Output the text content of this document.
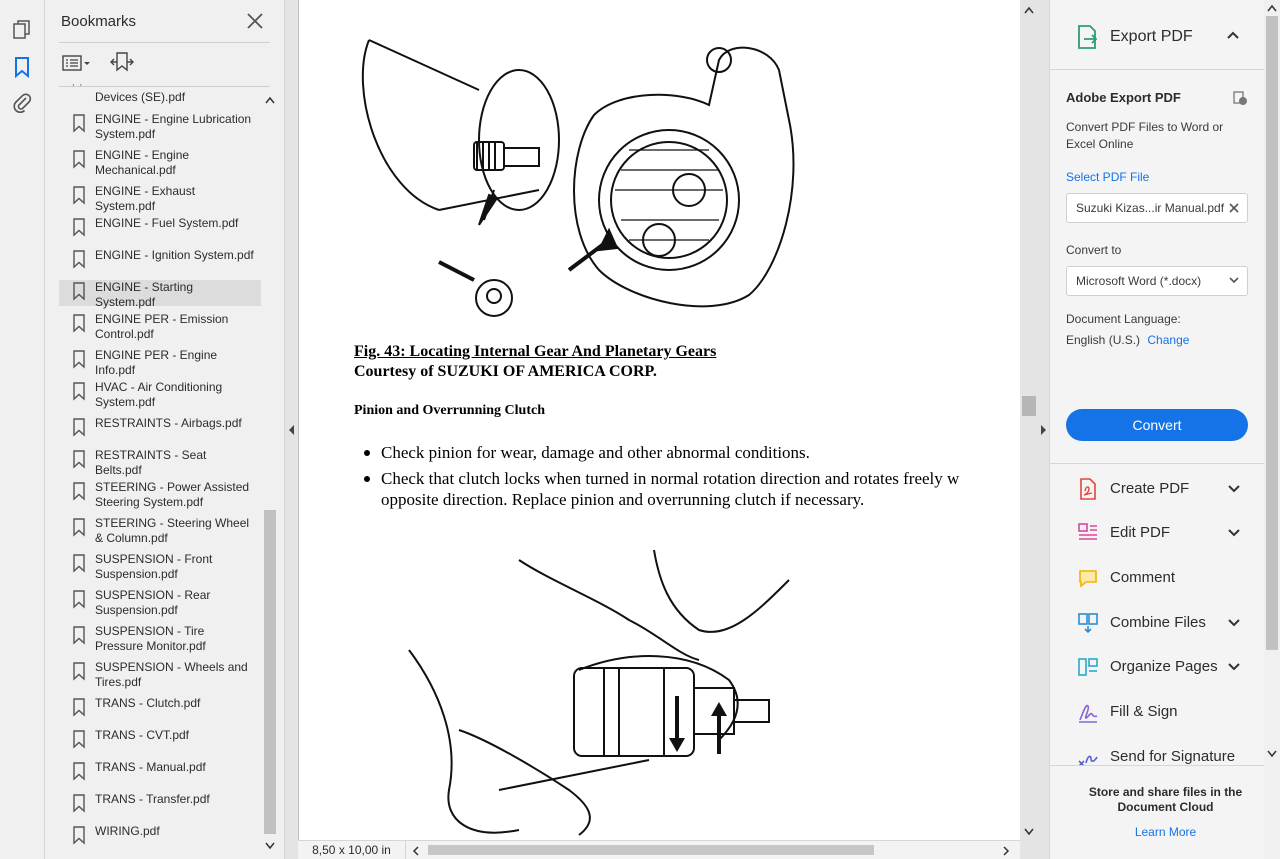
Bookmarks
˙ ˙
Devices (SE).pdf
ENGINE - Engine Lubrication System.pdf
ENGINE - Engine Mechanical.pdf
ENGINE - Exhaust System.pdf
ENGINE - Fuel System.pdf
ENGINE - Ignition System.pdf
ENGINE - Starting System.pdf
ENGINE PER - Emission Control.pdf
ENGINE PER - Engine Info.pdf
HVAC - Air Conditioning System.pdf
RESTRAINTS - Airbags.pdf
RESTRAINTS - Seat Belts.pdf
STEERING - Power Assisted Steering System.pdf
STEERING - Steering Wheel & Column.pdf
SUSPENSION - Front Suspension.pdf
SUSPENSION - Rear Suspension.pdf
SUSPENSION - Tire Pressure Monitor.pdf
SUSPENSION - Wheels and Tires.pdf
TRANS - Clutch.pdf
TRANS - CVT.pdf
TRANS - Manual.pdf
TRANS - Transfer.pdf
WIRING.pdf
Fig. 43: Locating Internal Gear And Planetary Gears
Courtesy of SUZUKI OF AMERICA CORP.
Pinion and Overrunning Clutch
Check pinion for wear, damage and other abnormal conditions.
Check that clutch locks when turned in normal rotation direction and rotates freely w
opposite direction. Replace pinion and overrunning clutch if necessary.
8,50 x 10,00 in
Export PDF
Adobe Export PDF
Convert PDF Files to Word or Excel Online
Select PDF File
Suzuki Kizas...ir Manual.pdf
Convert to
Microsoft Word (*.docx)
Document Language:
English (U.S.) Change
Convert
Create PDF
Edit PDF
Comment
Combine Files
Organize Pages
Fill & Sign
Send for Signature
Store and share files in the Document Cloud
Learn More
